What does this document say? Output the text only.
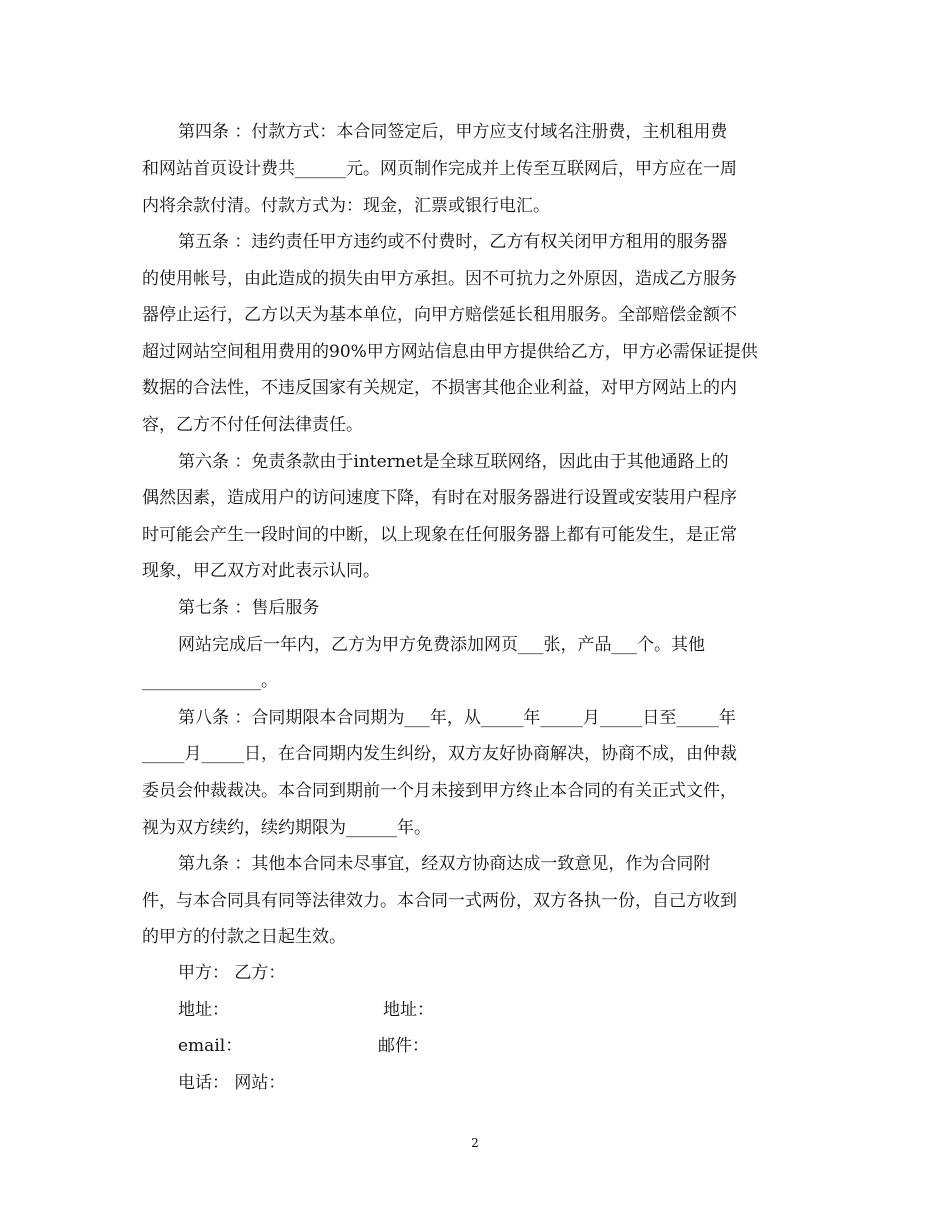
第四条 ：付款方式：本合同签定后，甲方应支付域名注册费，主机租用费
和网站首页设计费共______元。网页制作完成并上传至互联网后，甲方应在一周
内将余款付清。付款方式为：现金，汇票或银行电汇。
第五条 ：违约责任甲方违约或不付费时，乙方有权关闭甲方租用的服务器
的使用帐号，由此造成的损失由甲方承担。因不可抗力之外原因，造成乙方服务
器停止运行，乙方以天为基本单位，向甲方赔偿延长租用服务。全部赔偿金额不
超过网站空间租用费用的90%甲方网站信息由甲方提供给乙方，甲方必需保证提供
数据的合法性，不违反国家有关规定，不损害其他企业利益，对甲方网站上的内
容，乙方不付任何法律责任。
第六条 ：免责条款由于internet是全球互联网络，因此由于其他通路上的
偶然因素，造成用户的访问速度下降，有时在对服务器进行设置或安装用户程序
时可能会产生一段时间的中断，以上现象在任何服务器上都有可能发生，是正常
现象，甲乙双方对此表示认同。
第七条 ：售后服务
网站完成后一年内，乙方为甲方免费添加网页___张，产品___个。其他
______________。
第八条 ：合同期限本合同期为___年，从_____年_____月_____日至_____年
_____月_____日，在合同期内发生纠纷，双方友好协商解决，协商不成，由仲裁
委员会仲裁裁决。本合同到期前一个月未接到甲方终止本合同的有关正式文件，
视为双方续约，续约期限为______年。
第九条 ：其他本合同未尽事宜，经双方协商达成一致意见，作为合同附
件，与本合同具有同等法律效力。本合同一式两份，双方各执一份，自己方收到
的甲方的付款之日起生效。
甲方： 乙方：
地址：	地址：
email：	邮件：
电话： 网站：
2
